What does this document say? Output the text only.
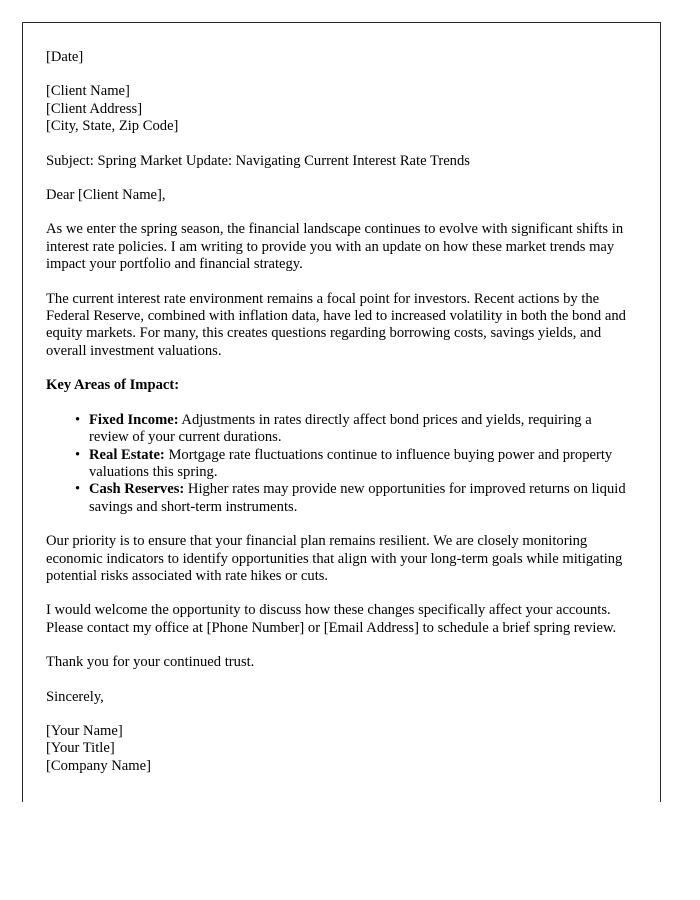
[Date]
[Client Name]
[Client Address]
[City, State, Zip Code]
Subject: Spring Market Update: Navigating Current Interest Rate Trends
Dear [Client Name],

As we enter the spring season, the financial landscape continues to evolve with significant shifts in interest rate policies. I am writing to provide you with an update on how these market trends may impact your portfolio and financial strategy.

The current interest rate environment remains a focal point for investors. Recent actions by the Federal Reserve, combined with inflation data, have led to increased volatility in both the bond and equity markets. For many, this creates questions regarding borrowing costs, savings yields, and overall investment valuations.

Key Areas of Impact:
• Fixed Income: Adjustments in rates directly affect bond prices and yields, requiring a review of your current durations.
• Real Estate: Mortgage rate fluctuations continue to influence buying power and property valuations this spring.
• Cash Reserves: Higher rates may provide new opportunities for improved returns on liquid savings and short-term instruments.

Our priority is to ensure that your financial plan remains resilient. We are closely monitoring economic indicators to identify opportunities that align with your long-term goals while mitigating potential risks associated with rate hikes or cuts.

I would welcome the opportunity to discuss how these changes specifically affect your accounts. Please contact my office at [Phone Number] or [Email Address] to schedule a brief spring review.

Thank you for your continued trust.

Sincerely,
[Your Name]
[Your Title]
[Company Name]
